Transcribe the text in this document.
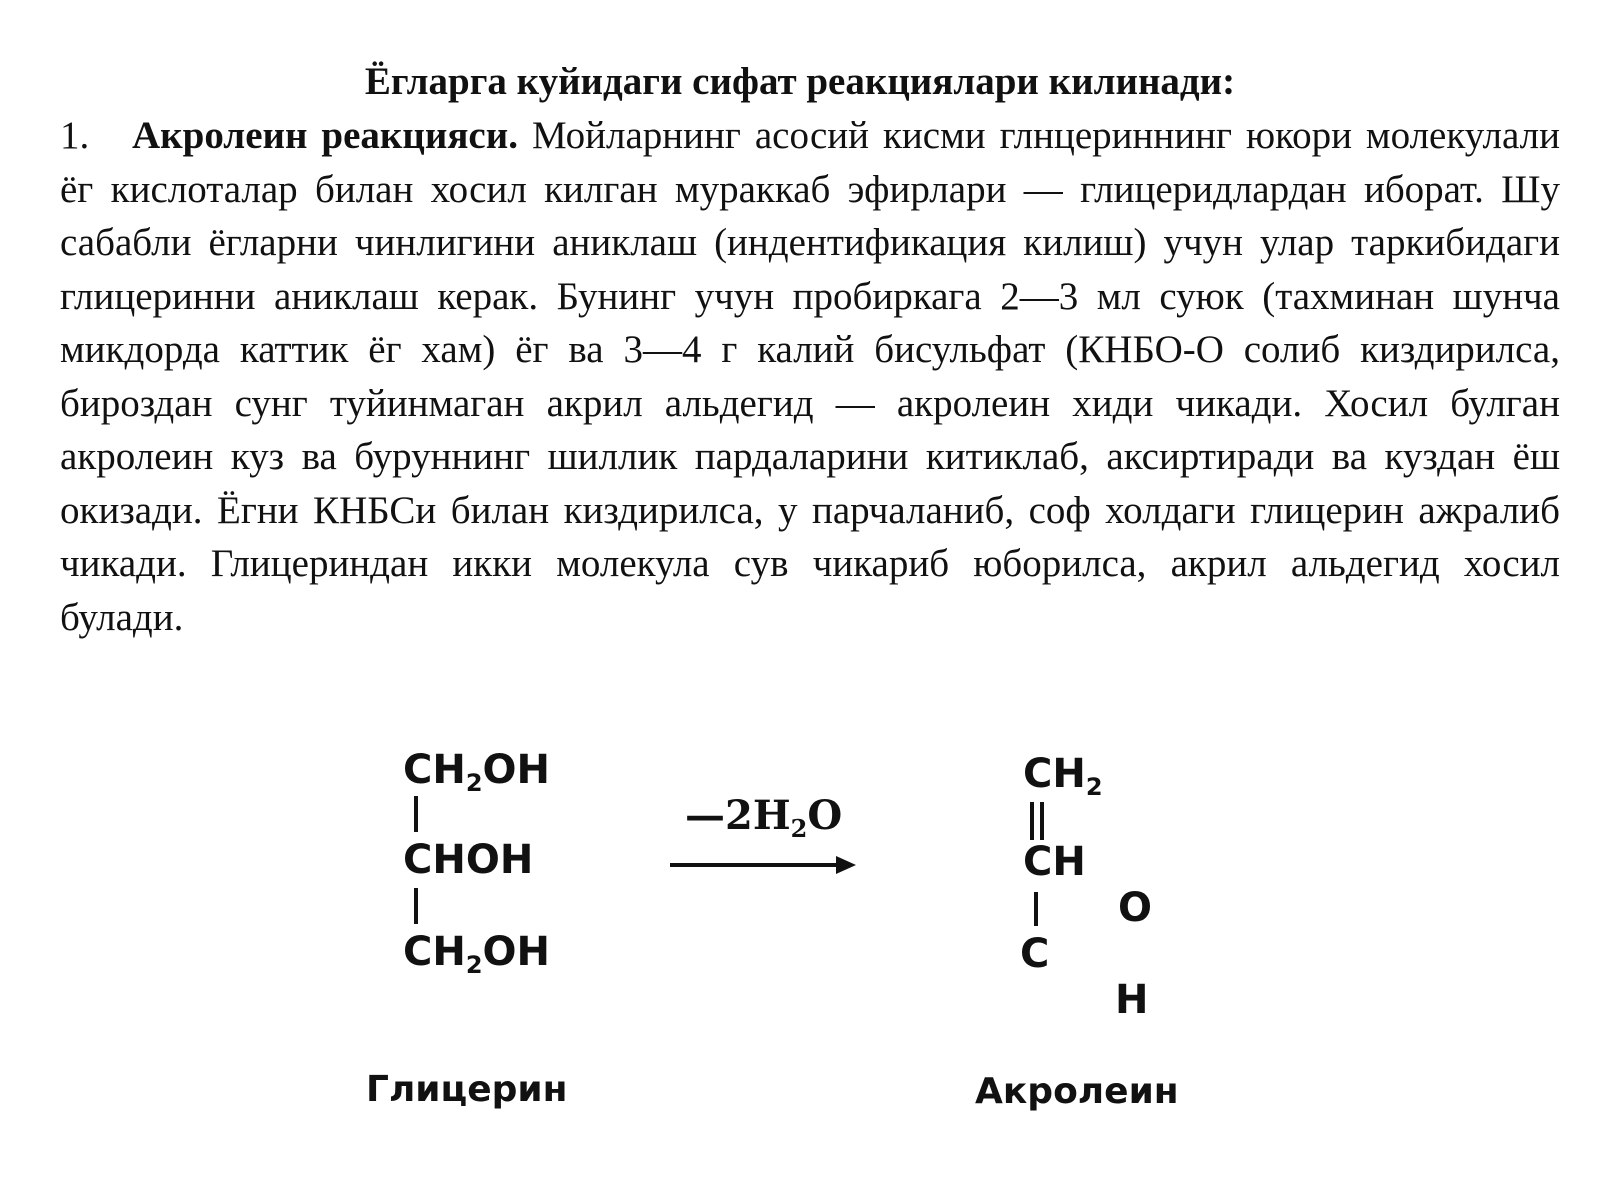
Ёгларга куйидаги сифат реакциялари килинади:
1. Акролеин реакцияси. Мойларнинг асосий кисми глнцериннинг юкори молекулали ёг кислоталар билан хосил килган мураккаб эфирлари — глицеридлардан иборат. Шу сабабли ёгларни чинлигини аниклаш (индентификация килиш) учун улар таркибидаги глицеринни аниклаш керак. Бунинг учун пробиркага 2—3 мл суюк (тахминан шунча микдорда каттик ёг хам) ёг ва 3—4 г калий бисульфат (КНБО-О солиб киздирилса, бироздан сунг туйинмаган акрил альдегид — акролеин хиди чикади. Хосил булган акролеин куз ва буруннинг шиллик пардаларини китиклаб, аксиртиради ва куздан ёш окизади. Ёгни КНБСи билан киздирилса, у парчаланиб, соф холдаги глицерин ажралиб чикади. Глицериндан икки молекула сув чикариб юборилса, акрил альдегид хосил булади.
$CH_2OH$
CHOH
$CH_2OH$
$—2H_2O$
$CH_2$
CH
O
C
H
Глицерин	Акролеин
